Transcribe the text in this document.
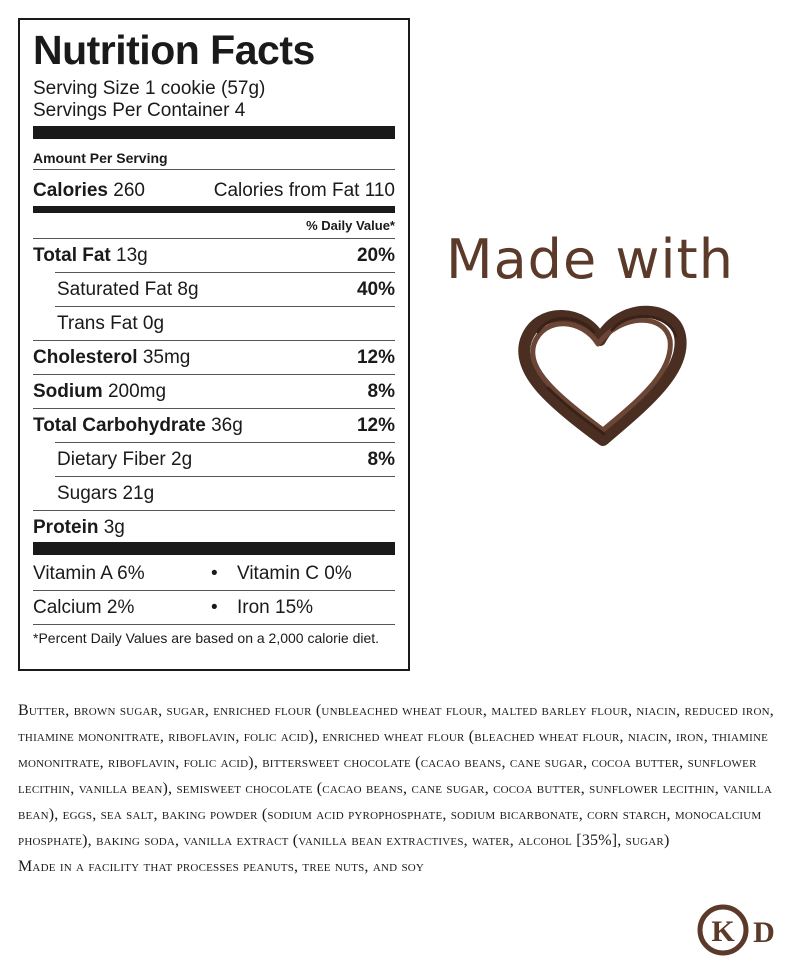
Nutrition Facts
Serving Size 1 cookie (57g)
Servings Per Container 4
Amount Per Serving
Calories 260	Calories from Fat 110
% Daily Value*
Total Fat 13g	20%
Saturated Fat 8g	40%
Trans Fat 0g
Cholesterol 35mg	12%
Sodium 200mg	8%
Total Carbohydrate 36g	12%
Dietary Fiber 2g	8%
Sugars 21g
Protein 3g
Vitamin A 6%	• Vitamin C 0%
Calcium 2%	• Iron 15%
*Percent Daily Values are based on a 2,000 calorie diet.
Made with

Butter, brown sugar, sugar, enriched flour (unbleached wheat flour, malted barley flour, niacin, reduced iron, thiamine mononitrate, riboflavin, folic acid), enriched wheat flour (bleached wheat flour, niacin, iron, thiamine mononitrate, riboflavin, folic acid), bittersweet chocolate (cacao beans, cane sugar, cocoa butter, sunflower lecithin, vanilla bean), semisweet chocolate (cacao beans, cane sugar, cocoa butter, sunflower lecithin, vanilla bean), eggs, sea salt, baking powder (sodium acid pyrophosphate, sodium bicarbonate, corn starch, monocalcium phosphate), baking soda, vanilla extract (vanilla bean extractives, water, alcohol [35%], sugar)

Made in a facility that processes peanuts, tree nuts, and soy

K D
